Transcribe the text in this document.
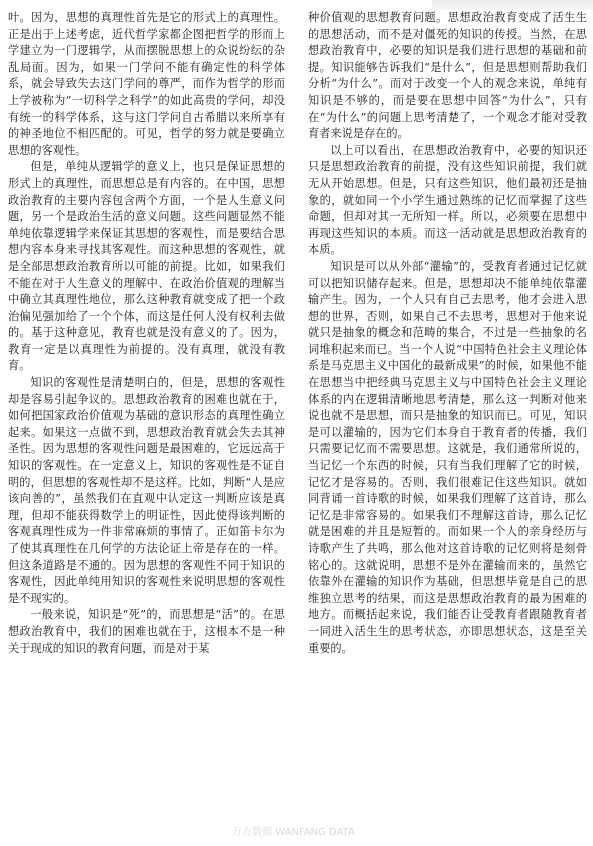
叶。因为，思想的真理性首先是它的形式上的真理性。正是出于上述考虑，近代哲学家都企图把哲学的形而上学建立为一门逻辑学，从而摆脱思想上的众说纷纭的杂乱局面。因为，如果一门学问不能有确定性的科学体系，就会导致失去这门学问的尊严，而作为哲学的形而上学被称为“一切科学之科学”的如此高贵的学问，却没有统一的科学体系，这与这门学问自古希腊以来所享有的神圣地位不相匹配的。可见，哲学的努力就是要确立思想的客观性。

但是，单纯从逻辑学的意义上，也只是保证思想的形式上的真理性，而思想总是有内容的。在中国，思想政治教育的主要内容包含两个方面，一个是人生意义问题，另一个是政治生活的意义问题。这些问题显然不能单纯依靠逻辑学来保证其思想的客观性，而是要结合思想内容本身来寻找其客观性。而这种思想的客观性，就是全部思想政治教育所以可能的前提。比如，如果我们不能在对于人生意义的理解中、在政治价值观的理解当中确立其真理性地位，那么这种教育就变成了把一个政治偏见强加给了一个个体，而这是任何人没有权利去做的。基于这种意见，教育也就是没有意义的了。因为，教育一定是以真理性为前提的。没有真理，就没有教育。

知识的客观性是清楚明白的，但是，思想的客观性却是容易引起争议的。思想政治教育的困难也就在于，如何把国家政治价值观为基础的意识形态的真理性确立起来。如果这一点做不到，思想政治教育就会失去其神圣性。因为思想的客观性问题是最困难的，它远远高于知识的客观性。在一定意义上，知识的客观性是不证自明的，但思想的客观性却不是这样。比如，判断“人是应该向善的”，虽然我们在直观中认定这一判断应该是真理，但却不能获得数学上的明证性，因此使得该判断的客观真理性成为一件非常麻烦的事情了。正如笛卡尔为了使其真理性在几何学的方法论证上帝是存在的一样。但这条道路是不通的。因为思想的客观性不同于知识的客观性，因此单纯用知识的客观性来说明思想的客观性是不现实的。

一般来说，知识是“死”的，而思想是“活”的。在思想政治教育中，我们的困难也就在于，这根本不是一种关于现成的知识的教育问题，而是对于某

种价值观的思想教育问题。思想政治教育变成了活生生的思想活动，而不是对僵死的知识的传授。当然，在思想政治教育中，必要的知识是我们进行思想的基础和前提。知识能够告诉我们“是什么”，但是思想则帮助我们分析“为什么”。而对于改变一个人的观念来说，单纯有知识是不够的，而是要在思想中回答“为什么”，只有在“为什么”的问题上思考清楚了，一个观念才能对受教育者来说是存在的。

以上可以看出，在思想政治教育中，必要的知识还只是思想政治教育的前提，没有这些知识前提，我们就无从开始思想。但是，只有这些知识，他们最初还是抽象的，就如同一个小学生通过熟练的记忆而掌握了这些命题，但却对其一无所知一样。所以，必须要在思想中再现这些知识的本质。而这一活动就是思想政治教育的本质。

知识是可以从外部“灌输”的，受教育者通过记忆就可以把知识储存起来。但是，思想却决不能单纯依靠灌输产生。因为，一个人只有自己去思考，他才会进入思想的世界，否则，如果自己不去思考，思想对于他来说就只是抽象的概念和范畴的集合，不过是一些抽象的名词堆积起来而已。当一个人说“中国特色社会主义理论体系是马克思主义中国化的最新成果”的时候，如果他不能在思想当中把经典马克思主义与中国特色社会主义理论体系的内在逻辑清晰地思考清楚，那么这一判断对他来说也就不是思想，而只是抽象的知识而已。可见，知识是可以灌输的，因为它们本身自于教育者的传播，我们只需要记忆而不需要思想。这就是，我们通常所说的，当记忆一个东西的时候，只有当我们理解了它的时候，记忆才是容易的。否则，我们很难记住这些知识。就如同背诵一首诗歌的时候，如果我们理解了这首诗，那么记忆是非常容易的。如果我们不理解这首诗，那么记忆就是困难的并且是短暂的。而如果一个人的亲身经历与诗歌产生了共鸣，那么他对这首诗歌的记忆则将是刻骨铭心的。这就说明，思想不是外在灌输而来的，虽然它依靠外在灌输的知识作为基础，但思想毕竟是自己的思维独立思考的结果，而这是思想政治教育的最为困难的地方。而概括起来说，我们能否让受教育者跟随教育者一同进入活生生的思考状态，亦即思想状态，这是至关重要的。

万方数据 WANFANG DATA
